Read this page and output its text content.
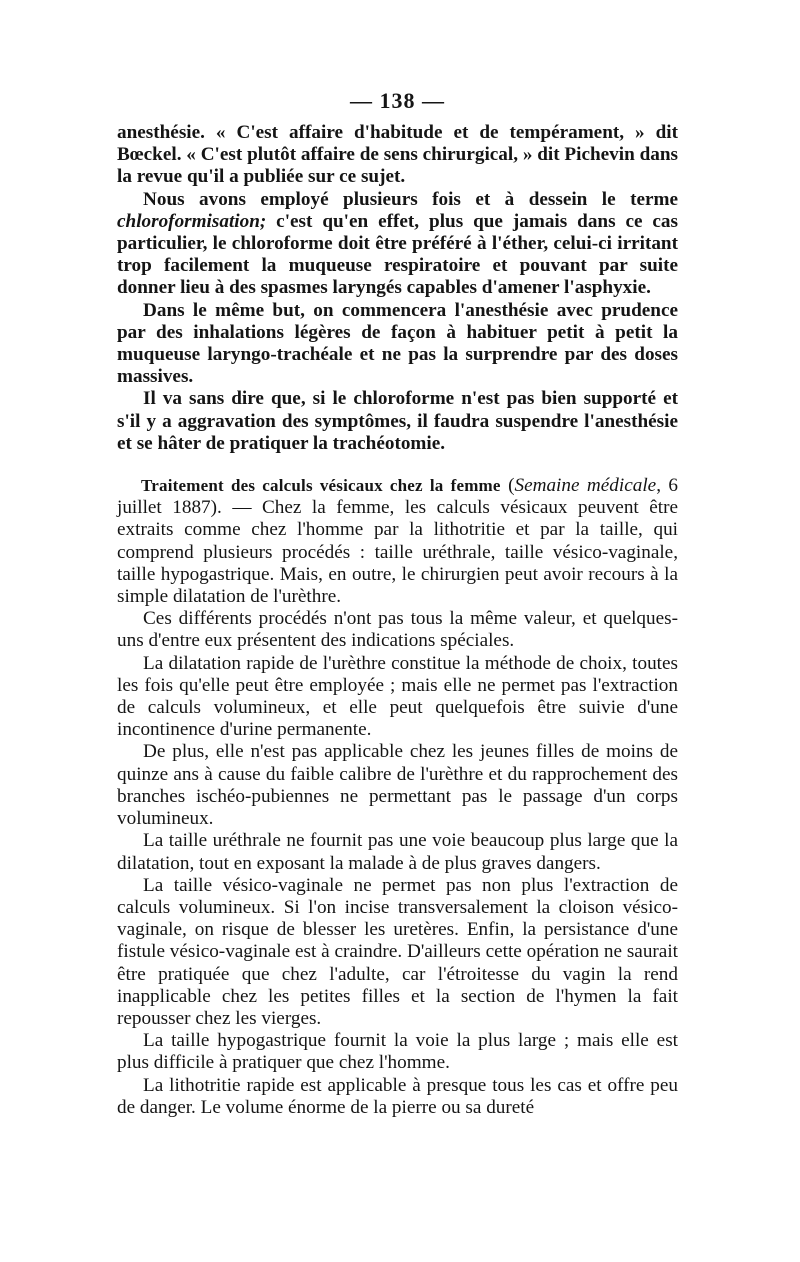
— 138 —

anesthésie. « C'est affaire d'habitude et de tempérament, » dit Bœckel. « C'est plutôt affaire de sens chirurgical, » dit Pichevin dans la revue qu'il a publiée sur ce sujet.

Nous avons employé plusieurs fois et à dessein le terme chloroformisation; c'est qu'en effet, plus que jamais dans ce cas particulier, le chloroforme doit être préféré à l'éther, celui-ci irritant trop facilement la muqueuse respiratoire et pouvant par suite donner lieu à des spasmes laryngés capables d'amener l'asphyxie.

Dans le même but, on commencera l'anesthésie avec prudence par des inhalations légères de façon à habituer petit à petit la muqueuse laryngo-trachéale et ne pas la surprendre par des doses massives.

Il va sans dire que, si le chloroforme n'est pas bien supporté et s'il y a aggravation des symptômes, il faudra suspendre l'anesthésie et se hâter de pratiquer la trachéotomie.

Traitement des calculs vésicaux chez la femme (Semaine médicale, 6 juillet 1887). — Chez la femme, les calculs vésicaux peuvent être extraits comme chez l'homme par la lithotritie et par la taille, qui comprend plusieurs procédés : taille uréthrale, taille vésico-vaginale, taille hypogastrique. Mais, en outre, le chirurgien peut avoir recours à la simple dilatation de l'urèthre.

Ces différents procédés n'ont pas tous la même valeur, et quelques-uns d'entre eux présentent des indications spéciales.

La dilatation rapide de l'urèthre constitue la méthode de choix, toutes les fois qu'elle peut être employée ; mais elle ne permet pas l'extraction de calculs volumineux, et elle peut quelquefois être suivie d'une incontinence d'urine permanente.

De plus, elle n'est pas applicable chez les jeunes filles de moins de quinze ans à cause du faible calibre de l'urèthre et du rapprochement des branches ischéo-pubiennes ne permettant pas le passage d'un corps volumineux.

La taille uréthrale ne fournit pas une voie beaucoup plus large que la dilatation, tout en exposant la malade à de plus graves dangers.

La taille vésico-vaginale ne permet pas non plus l'extraction de calculs volumineux. Si l'on incise transversalement la cloison vésico-vaginale, on risque de blesser les uretères. Enfin, la persistance d'une fistule vésico-vaginale est à craindre. D'ailleurs cette opération ne saurait être pratiquée que chez l'adulte, car l'étroitesse du vagin la rend inapplicable chez les petites filles et la section de l'hymen la fait repousser chez les vierges.

La taille hypogastrique fournit la voie la plus large ; mais elle est plus difficile à pratiquer que chez l'homme.

La lithotritie rapide est applicable à presque tous les cas et offre peu de danger. Le volume énorme de la pierre ou sa dureté
